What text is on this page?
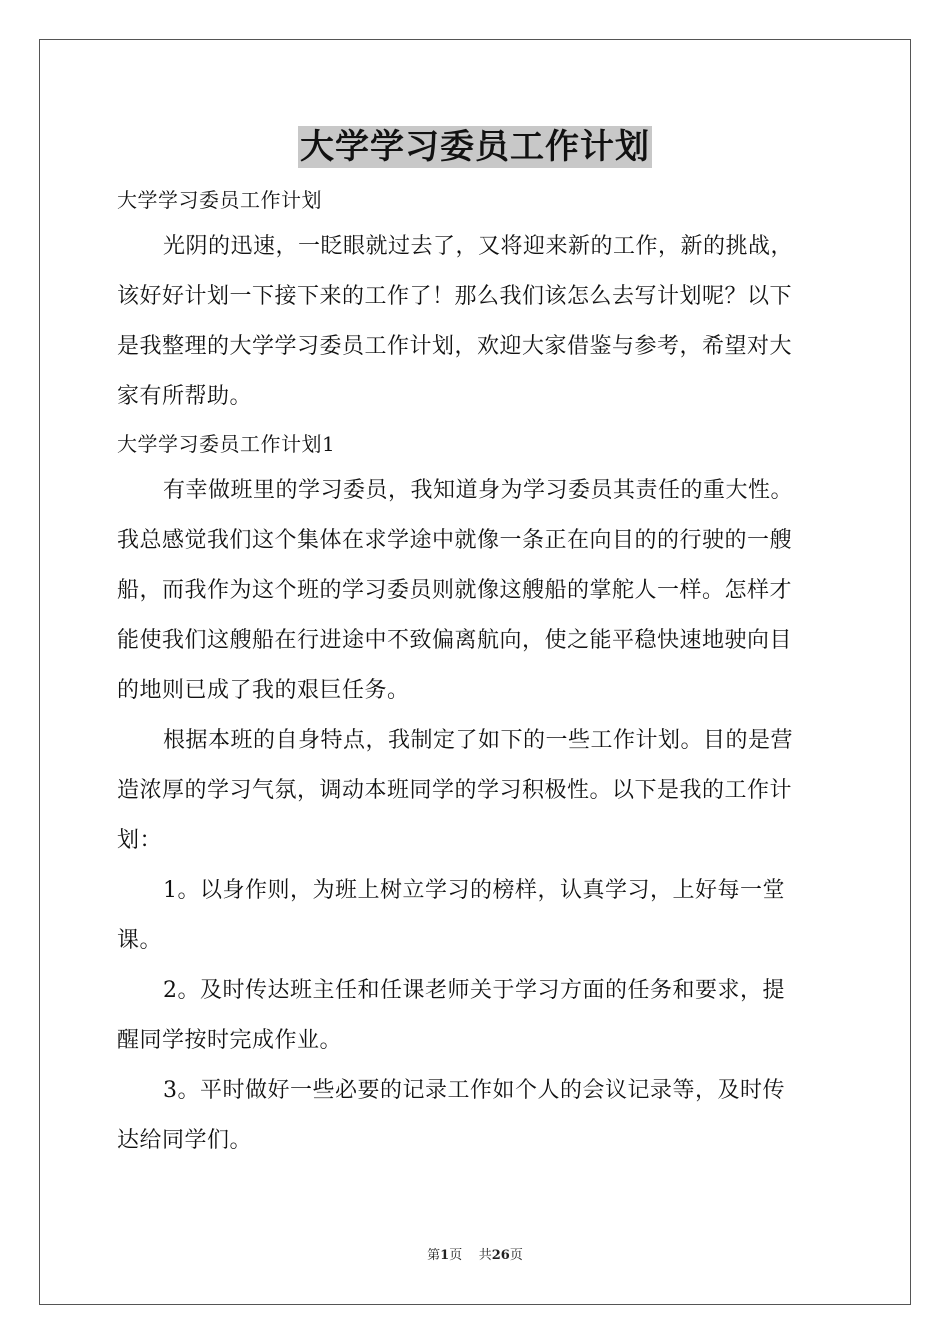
大学学习委员工作计划
大学学习委员工作计划
光阴的迅速，一眨眼就过去了，又将迎来新的工作，新的挑战，
该好好计划一下接下来的工作了！那么我们该怎么去写计划呢？以下
是我整理的大学学习委员工作计划，欢迎大家借鉴与参考，希望对大
家有所帮助。
大学学习委员工作计划1
有幸做班里的学习委员，我知道身为学习委员其责任的重大性。
我总感觉我们这个集体在求学途中就像一条正在向目的的行驶的一艘
船，而我作为这个班的学习委员则就像这艘船的掌舵人一样。怎样才
能使我们这艘船在行进途中不致偏离航向，使之能平稳快速地驶向目
的地则已成了我的艰巨任务。
根据本班的自身特点，我制定了如下的一些工作计划。目的是营
造浓厚的学习气氛，调动本班同学的学习积极性。以下是我的工作计
划：
1。以身作则，为班上树立学习的榜样，认真学习，上好每一堂
课。
2。及时传达班主任和任课老师关于学习方面的任务和要求，提
醒同学按时完成作业。
3。平时做好一些必要的记录工作如个人的会议记录等，及时传
达给同学们。
第1页 共26页
